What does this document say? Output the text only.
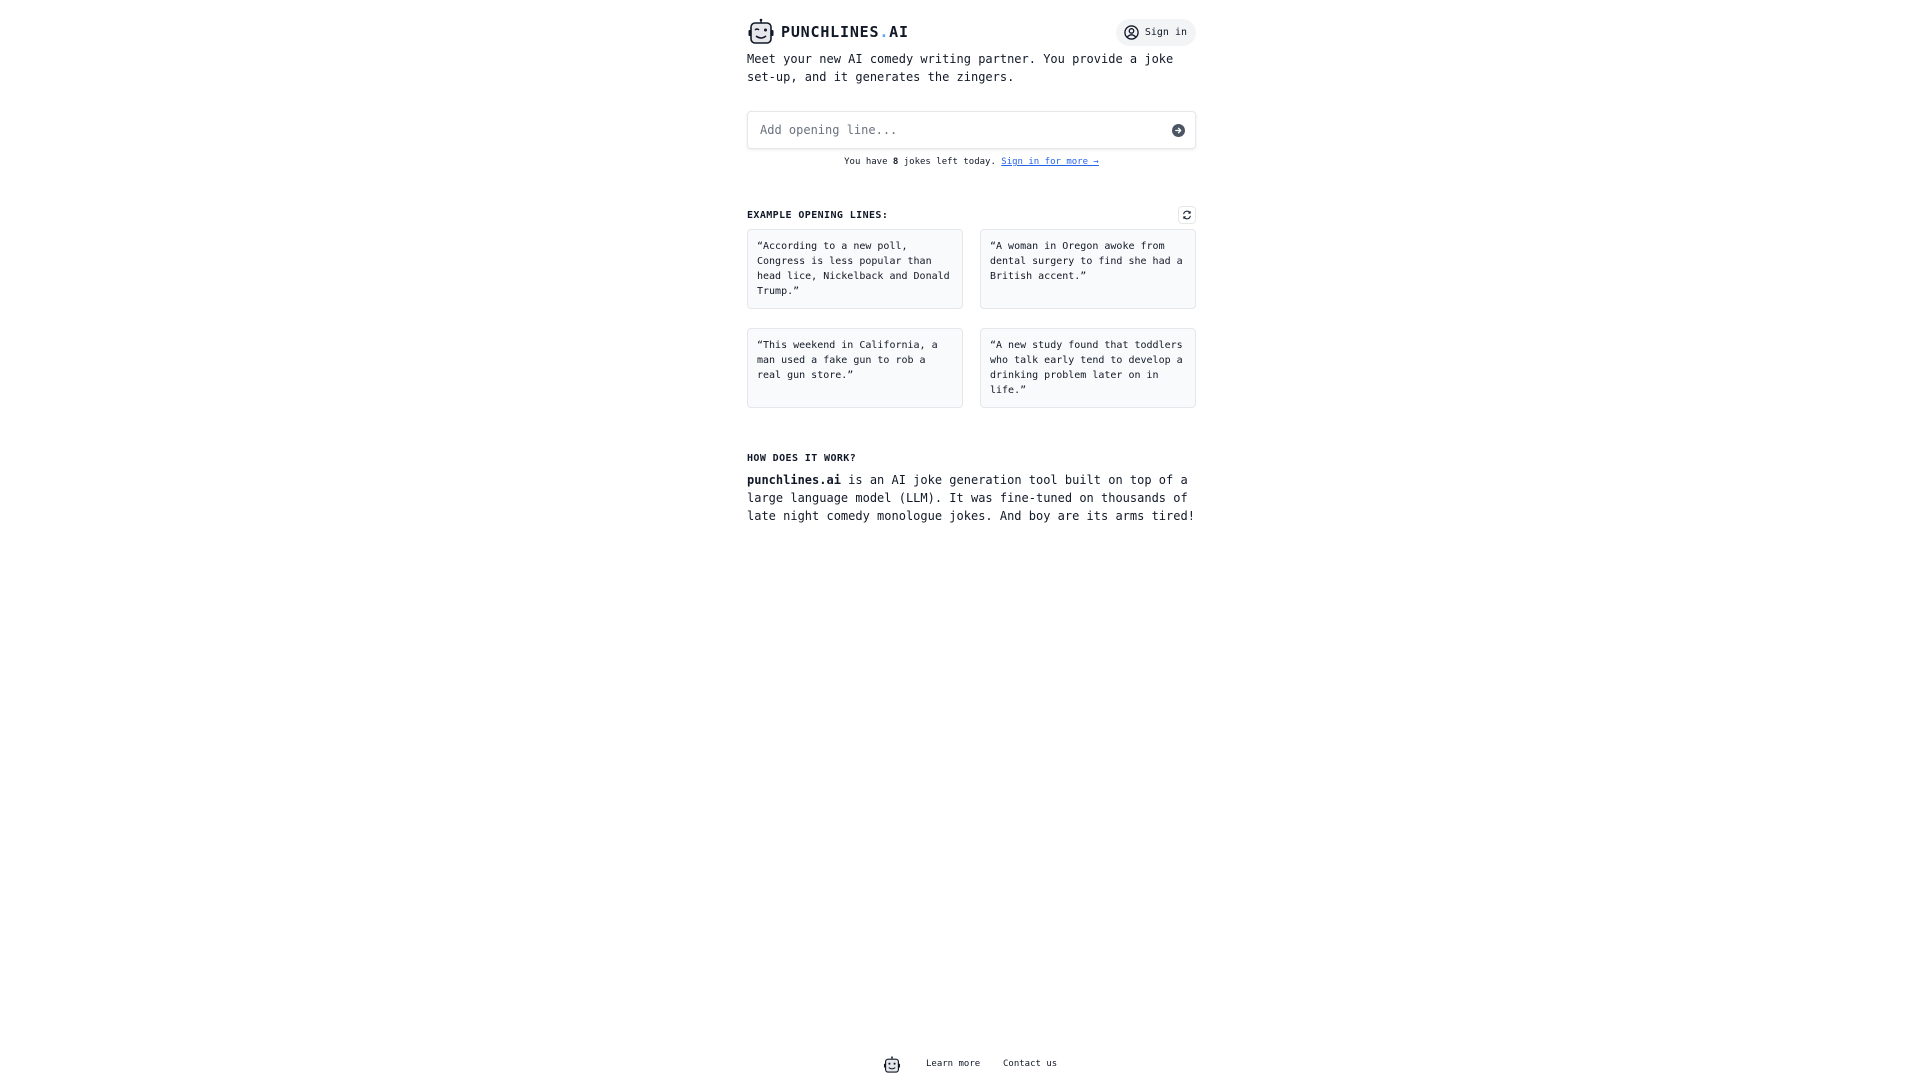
PUNCHLINES.AI	Sign in

Meet your new AI comedy writing partner. You provide a joke set-up, and it generates the zingers.

Add opening line...

You have 8 jokes left today. Sign in for more →

EXAMPLE OPENING LINES:
“According to a new poll, Congress is less popular than head lice, Nickelback and Donald Trump.”
“A woman in Oregon awoke from dental surgery to find she had a British accent.”
“This weekend in California, a man used a fake gun to rob a real gun store.”
“A new study found that toddlers who talk early tend to develop a drinking problem later on in life.”
HOW DOES IT WORK?

punchlines.ai is an AI joke generation tool built on top of a large language model (LLM). It was fine-tuned on thousands of late night comedy monologue jokes. And boy are its arms tired!

Learn more	Contact us
